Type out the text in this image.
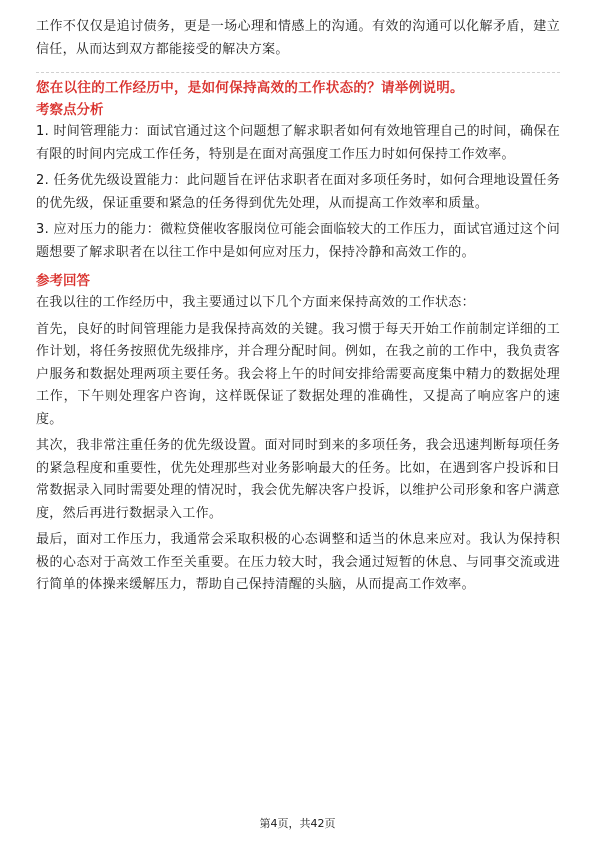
工作不仅仅是追讨债务，更是一场心理和情感上的沟通。有效的沟通可以化解矛盾，建立信任，从而达到双方都能接受的解决方案。

您在以往的工作经历中，是如何保持高效的工作状态的？请举例说明。

考察点分析

1. 时间管理能力：面试官通过这个问题想了解求职者如何有效地管理自己的时间，确保在有限的时间内完成工作任务，特别是在面对高强度工作压力时如何保持工作效率。

2. 任务优先级设置能力：此问题旨在评估求职者在面对多项任务时，如何合理地设置任务的优先级，保证重要和紧急的任务得到优先处理，从而提高工作效率和质量。

3. 应对压力的能力：微粒贷催收客服岗位可能会面临较大的工作压力，面试官通过这个问题想要了解求职者在以往工作中是如何应对压力，保持冷静和高效工作的。

参考回答

在我以往的工作经历中，我主要通过以下几个方面来保持高效的工作状态：

首先，良好的时间管理能力是我保持高效的关键。我习惯于每天开始工作前制定详细的工作计划，将任务按照优先级排序，并合理分配时间。例如，在我之前的工作中，我负责客户服务和数据处理两项主要任务。我会将上午的时间安排给需要高度集中精力的数据处理工作，下午则处理客户咨询，这样既保证了数据处理的准确性，又提高了响应客户的速度。

其次，我非常注重任务的优先级设置。面对同时到来的多项任务，我会迅速判断每项任务的紧急程度和重要性，优先处理那些对业务影响最大的任务。比如，在遇到客户投诉和日常数据录入同时需要处理的情况时，我会优先解决客户投诉，以维护公司形象和客户满意度，然后再进行数据录入工作。

最后，面对工作压力，我通常会采取积极的心态调整和适当的休息来应对。我认为保持积极的心态对于高效工作至关重要。在压力较大时，我会通过短暂的休息、与同事交流或进行简单的体操来缓解压力，帮助自己保持清醒的头脑，从而提高工作效率。

第4页，共42页
